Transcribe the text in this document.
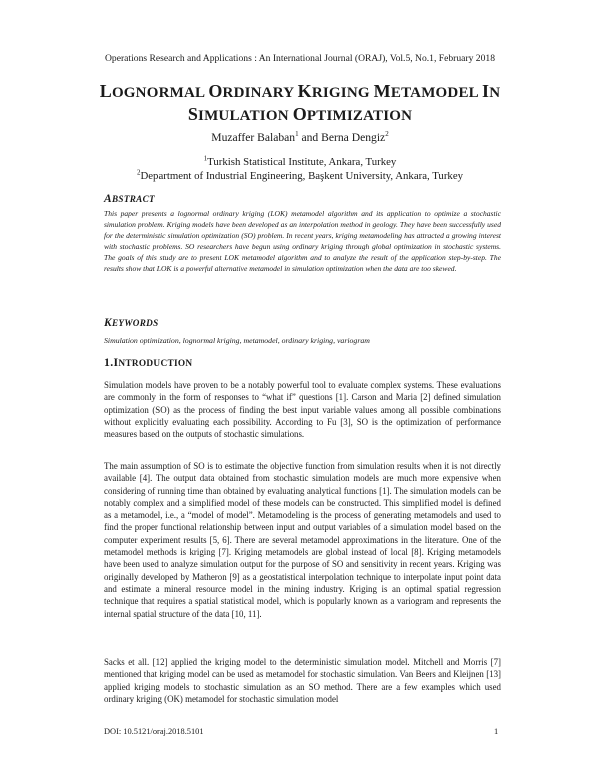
Operations Research and Applications : An International Journal (ORAJ), Vol.5, No.1, February 2018
LOGNORMAL ORDINARY KRIGING METAMODEL IN
SIMULATION OPTIMIZATION
Muzaffer Balaban$^1$ and Berna Dengiz$^2$
$^1$Turkish Statistical Institute, Ankara, Turkey
$^2$Department of Industrial Engineering, Başkent University, Ankara, Turkey
ABSTRACT
This paper presents a lognormal ordinary kriging (LOK) metamodel algorithm and its application to optimize a stochastic simulation problem. Kriging models have been developed as an interpolation method in geology. They have been successfully used for the deterministic simulation optimization (SO) problem. In recent years, kriging metamodeling has attracted a growing interest with stochastic problems. SO researchers have begun using ordinary kriging through global optimization in stochastic systems. The goals of this study are to present LOK metamodel algorithm and to analyze the result of the application step-by-step. The results show that LOK is a powerful alternative metamodel in simulation optimization when the data are too skewed.
KEYWORDS
Simulation optimization, lognormal kriging, metamodel, ordinary kriging, variogram
1.INTRODUCTION

Simulation models have proven to be a notably powerful tool to evaluate complex systems. These evaluations are commonly in the form of responses to “what if” questions [1]. Carson and Maria [2] defined simulation optimization (SO) as the process of finding the best input variable values among all possible combinations without explicitly evaluating each possibility. According to Fu [3], SO is the optimization of performance measures based on the outputs of stochastic simulations.

The main assumption of SO is to estimate the objective function from simulation results when it is not directly available [4]. The output data obtained from stochastic simulation models are much more expensive when considering of running time than obtained by evaluating analytical functions [1]. The simulation models can be notably complex and a simplified model of these models can be constructed. This simplified model is defined as a metamodel, i.e., a “model of model”. Metamodeling is the process of generating metamodels and used to find the proper functional relationship between input and output variables of a simulation model based on the computer experiment results [5, 6]. There are several metamodel approximations in the literature. One of the metamodel methods is kriging [7]. Kriging metamodels are global instead of local [8]. Kriging metamodels have been used to analyze simulation output for the purpose of SO and sensitivity in recent years. Kriging was originally developed by Matheron [9] as a geostatistical interpolation technique to interpolate input point data and estimate a mineral resource model in the mining industry. Kriging is an optimal spatial regression technique that requires a spatial statistical model, which is popularly known as a variogram and represents the internal spatial structure of the data [10, 11].

Sacks et all. [12] applied the kriging model to the deterministic simulation model. Mitchell and Morris [7] mentioned that kriging model can be used as metamodel for stochastic simulation. Van Beers and Kleijnen [13] applied kriging models to stochastic simulation as an SO method. There are a few examples which used ordinary kriging (OK) metamodel for stochastic simulation model

DOI: 10.5121/oraj.2018.5101	1
